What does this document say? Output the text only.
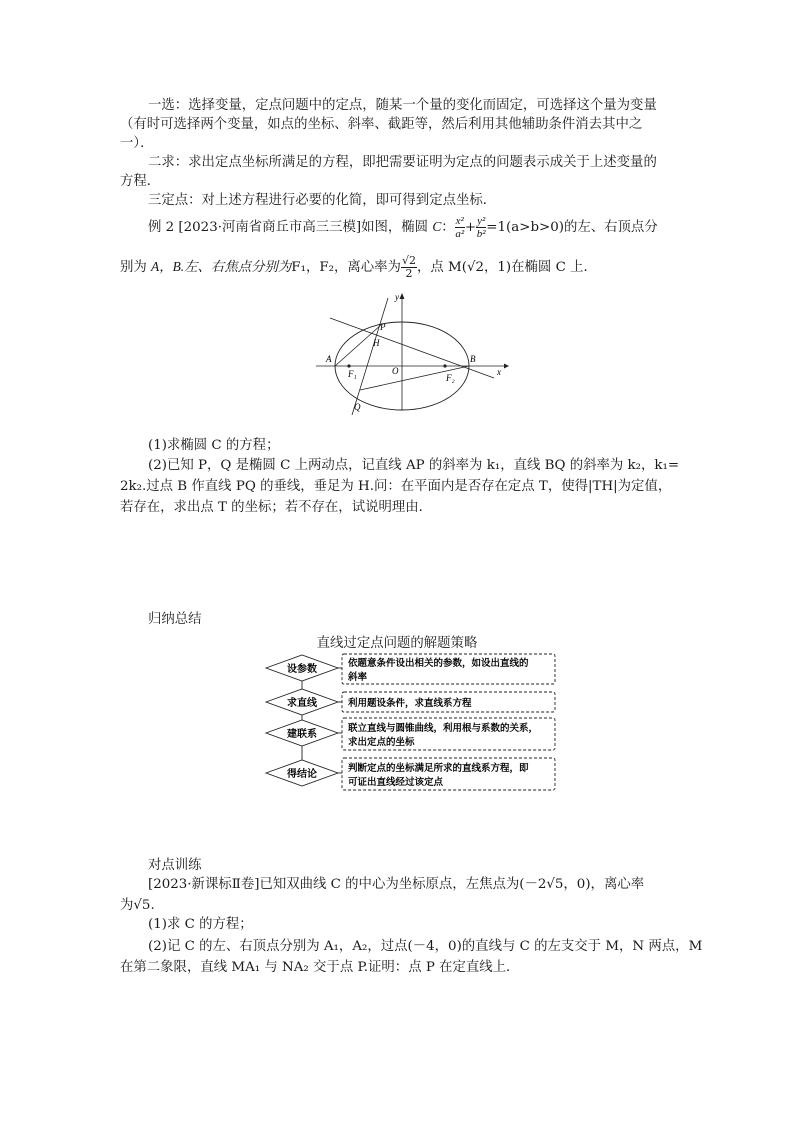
一选：选择变量，定点问题中的定点，随某一个量的变化而固定，可选择这个量为变量

（有时可选择两个变量，如点的坐标、斜率、截距等，然后利用其他辅助条件消去其中之

一）．

二求：求出定点坐标所满足的方程，即把需要证明为定点的问题表示成关于上述变量的

方程．

三定点：对上述方程进行必要的化简，即可得到定点坐标．

例 2 [2023·河南省商丘市高三三模]如图，椭圆 C： $\frac{\text{x²}}{\text{a²}} + \frac{\text{y²}}{\text{b²}} =1(a>b>0)$的左、右顶点分
别为 A，B.左、右焦点分别为F₁，F₂，离心率为 $\frac{√2}{2}$ ，点 M(√2，1)在椭圆 C 上．
y
x
P
H
A	B
O
F₁	F₂
Q

(1)求椭圆 C 的方程；

(2)已知 P，Q 是椭圆 C 上两动点，记直线 AP 的斜率为 k₁，直线 BQ 的斜率为 k₂，k₁=

2k₂.过点 B 作直线 PQ 的垂线，垂足为 H.问：在平面内是否存在定点 T，使得|TH|为定值，

若存在，求出点 T 的坐标；若不存在，试说明理由．

归纳总结

直线过定点问题的解题策略
设参数
依题意条件设出相关的参数，如设出直线的
斜率
求直线	利用题设条件，求直线系方程
建联系
联立直线与圆锥曲线，利用根与系数的关系，
求出定点的坐标
得结论
判断定点的坐标满足所求的直线系方程，即
可证出直线经过该定点

对点训练

[2023·新课标Ⅱ卷]已知双曲线 C 的中心为坐标原点，左焦点为(－2√5，0)，离心率

为√5.

(1)求 C 的方程；

(2)记 C 的左、右顶点分别为 A₁，A₂，过点(－4，0)的直线与 C 的左支交于 M，N 两点，M

在第二象限，直线 MA₁ 与 NA₂ 交于点 P.证明：点 P 在定直线上．
